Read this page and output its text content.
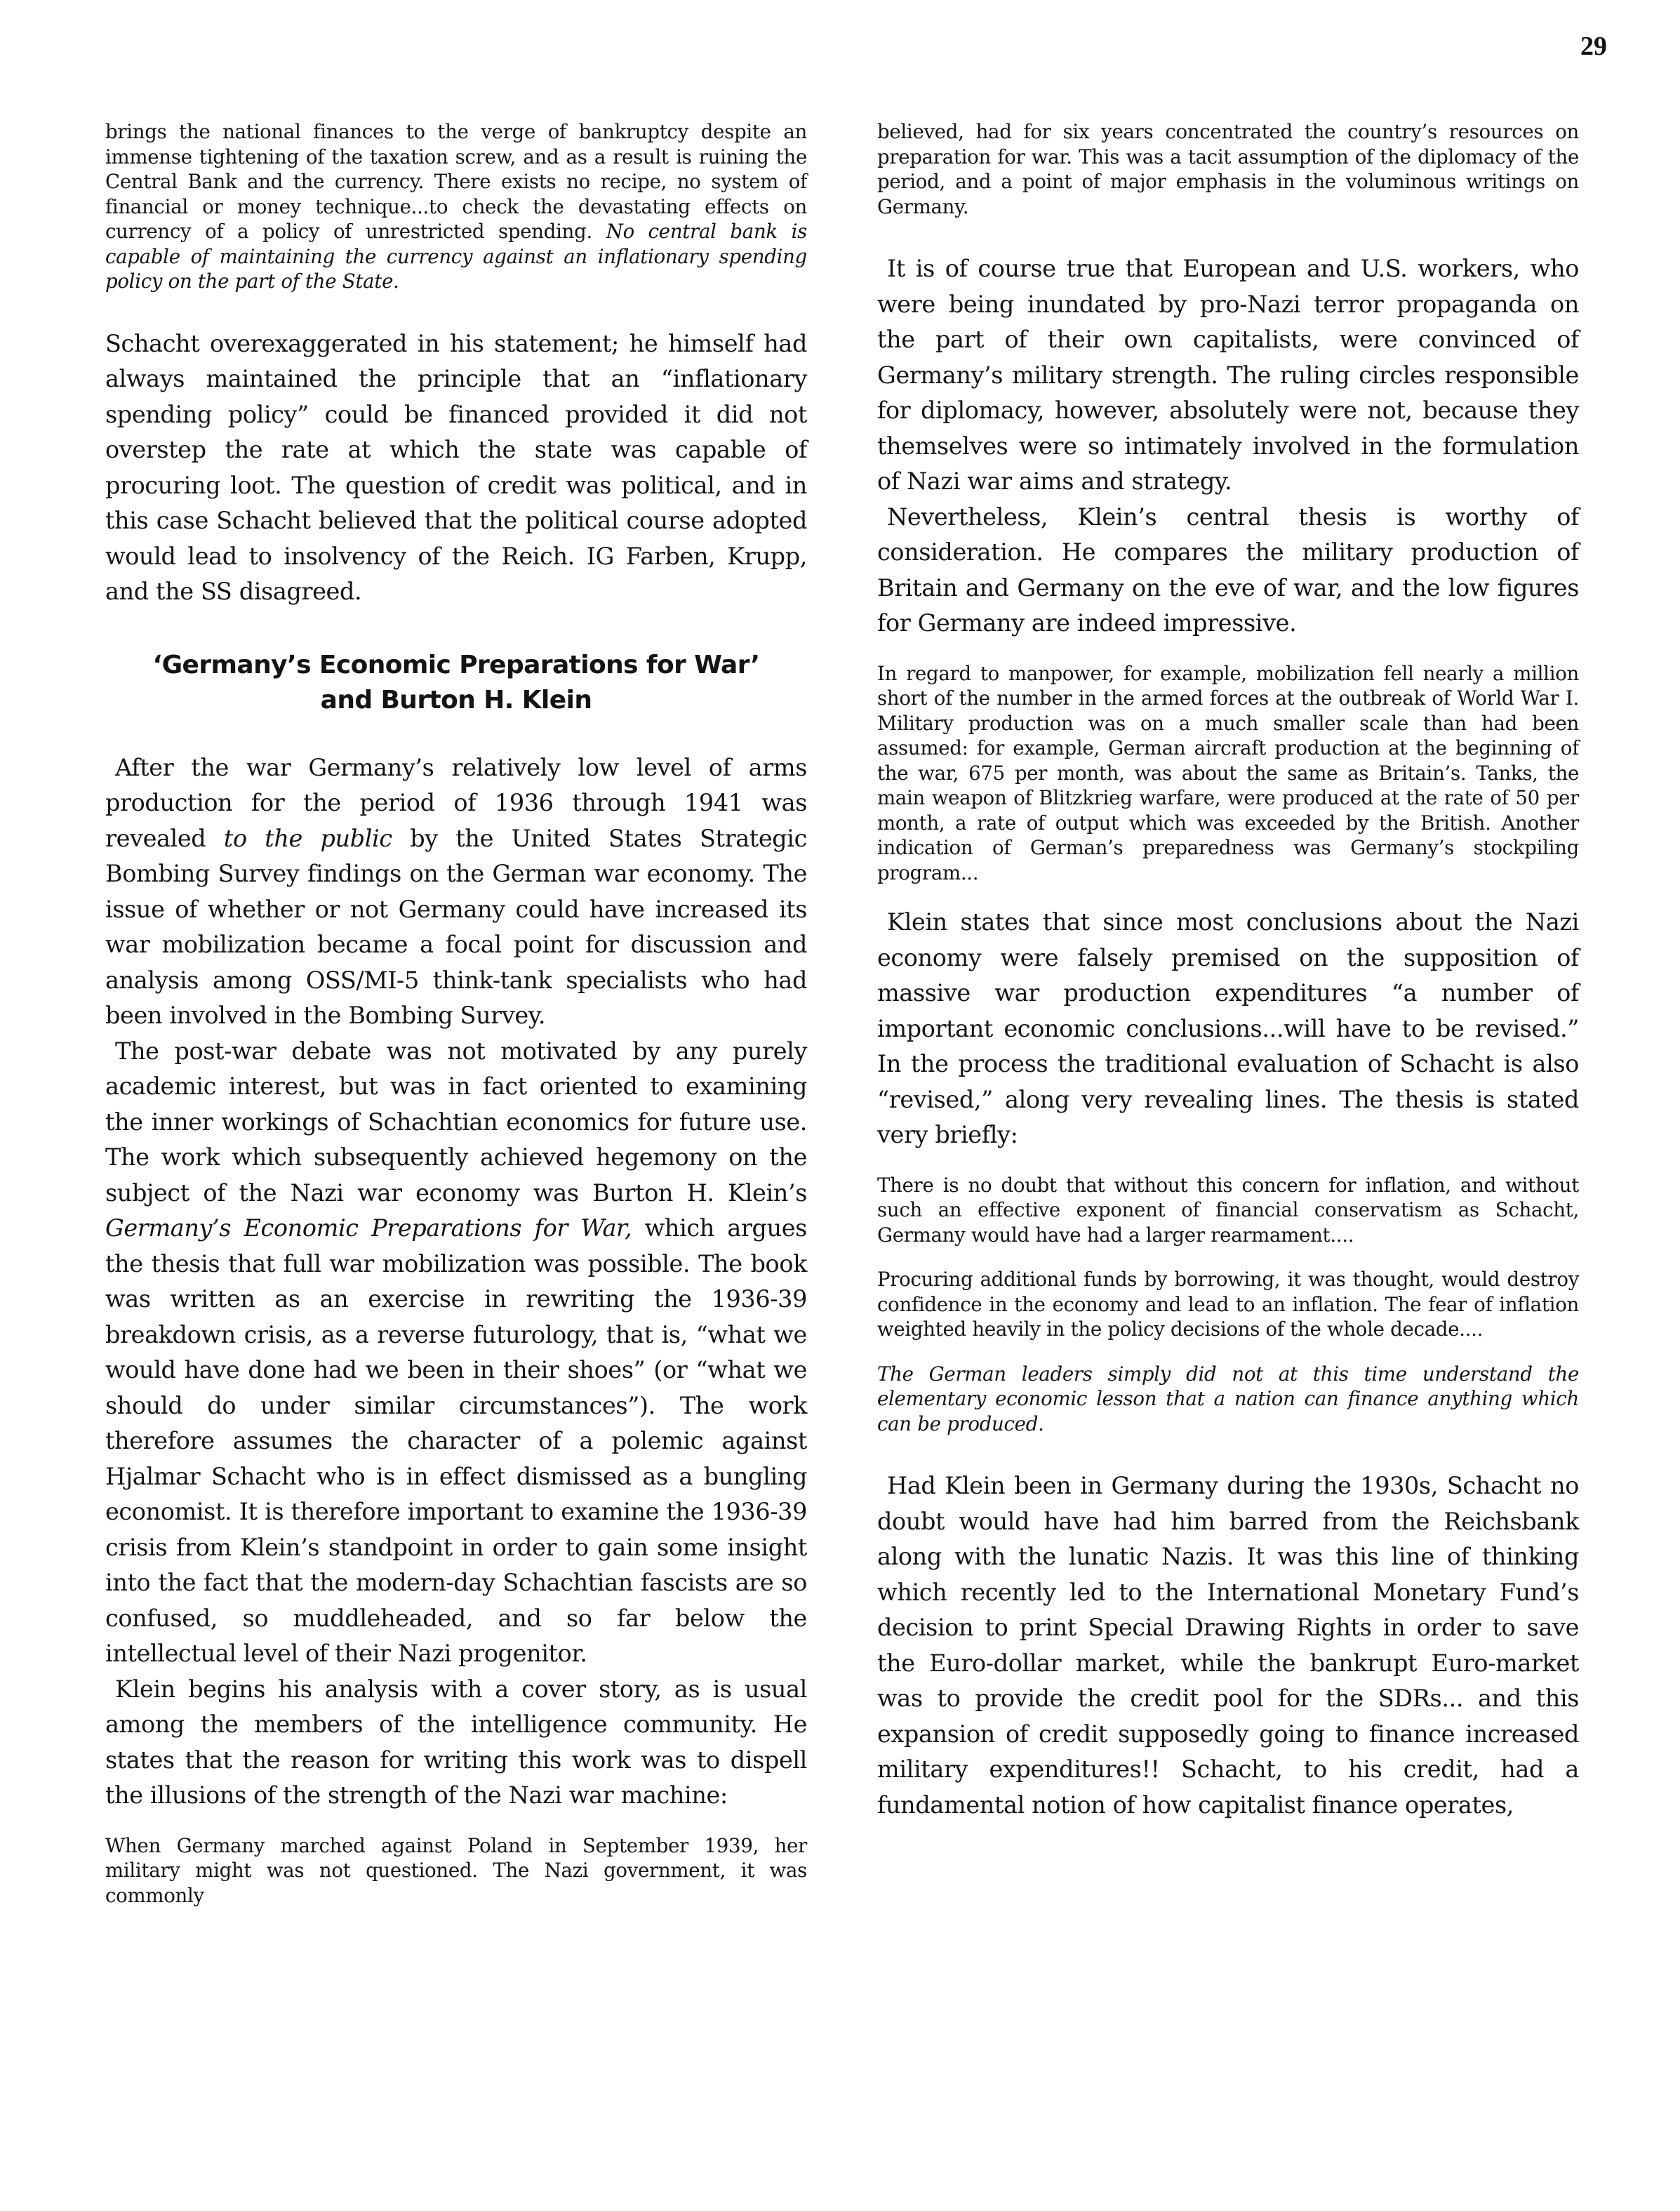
29

brings the national finances to the verge of bankruptcy despite an immense tightening of the taxation screw, and as a result is ruining the Central Bank and the currency. There exists no recipe, no system of financial or money technique...to check the devastating effects on currency of a policy of unrestricted spending. No central bank is capable of maintaining the currency against an inflationary spending policy on the part of the State.

Schacht overexaggerated in his statement; he himself had always maintained the principle that an “inflationary spending policy” could be financed provided it did not overstep the rate at which the state was capable of procuring loot. The question of credit was political, and in this case Schacht believed that the political course adopted would lead to insolvency of the Reich. IG Farben, Krupp, and the SS disagreed.

‘Germany’s Economic Preparations for War’

and Burton H. Klein

After the war Germany’s relatively low level of arms production for the period of 1936 through 1941 was revealed to the public by the United States Strategic Bombing Survey findings on the German war economy. The issue of whether or not Germany could have increased its war mobilization became a focal point for discussion and analysis among OSS/MI-5 think-tank specialists who had been involved in the Bombing Survey.

The post-war debate was not motivated by any purely academic interest, but was in fact oriented to examining the inner workings of Schachtian economics for future use. The work which subsequently achieved hegemony on the subject of the Nazi war economy was Burton H. Klein’s Germany’s Economic Preparations for War, which argues the thesis that full war mobilization was possible. The book was written as an exercise in rewriting the 1936-39 breakdown crisis, as a reverse futurology, that is, “what we would have done had we been in their shoes” (or “what we should do under similar circumstances”). The work therefore assumes the character of a polemic against Hjalmar Schacht who is in effect dismissed as a bungling economist. It is therefore important to examine the 1936-39 crisis from Klein’s standpoint in order to gain some insight into the fact that the modern-day Schachtian fascists are so confused, so muddleheaded, and so far below the intellectual level of their Nazi progenitor.

Klein begins his analysis with a cover story, as is usual among the members of the intelligence community. He states that the reason for writing this work was to dispell the illusions of the strength of the Nazi war machine:

When Germany marched against Poland in September 1939, her military might was not questioned. The Nazi government, it was commonly

believed, had for six years concentrated the country’s resources on preparation for war. This was a tacit assumption of the diplomacy of the period, and a point of major emphasis in the voluminous writings on Germany.

It is of course true that European and U.S. workers, who were being inundated by pro-Nazi terror propaganda on the part of their own capitalists, were convinced of Germany’s military strength. The ruling circles responsible for diplomacy, however, absolutely were not, because they themselves were so intimately involved in the formulation of Nazi war aims and strategy.

Nevertheless, Klein’s central thesis is worthy of consideration. He compares the military production of Britain and Germany on the eve of war, and the low figures for Germany are indeed impressive.

In regard to manpower, for example, mobilization fell nearly a million short of the number in the armed forces at the outbreak of World War I. Military production was on a much smaller scale than had been assumed: for example, German aircraft production at the beginning of the war, 675 per month, was about the same as Britain’s. Tanks, the main weapon of Blitzkrieg warfare, were produced at the rate of 50 per month, a rate of output which was exceeded by the British. Another indication of German’s preparedness was Germany’s stockpiling program...

Klein states that since most conclusions about the Nazi economy were falsely premised on the supposition of massive war production expenditures “a number of important economic conclusions...will have to be revised.” In the process the traditional evaluation of Schacht is also “revised,” along very revealing lines. The thesis is stated very briefly:

There is no doubt that without this concern for inflation, and without such an effective exponent of financial conservatism as Schacht, Germany would have had a larger rearmament....

Procuring additional funds by borrowing, it was thought, would destroy confidence in the economy and lead to an inflation. The fear of inflation weighted heavily in the policy decisions of the whole decade....

The German leaders simply did not at this time understand the elementary economic lesson that a nation can finance anything which can be produced.

Had Klein been in Germany during the 1930s, Schacht no doubt would have had him barred from the Reichsbank along with the lunatic Nazis. It was this line of thinking which recently led to the International Monetary Fund’s decision to print Special Drawing Rights in order to save the Euro-dollar market, while the bankrupt Euro-market was to provide the credit pool for the SDRs... and this expansion of credit supposedly going to finance increased military expenditures!! Schacht, to his credit, had a fundamental notion of how capitalist finance operates,
